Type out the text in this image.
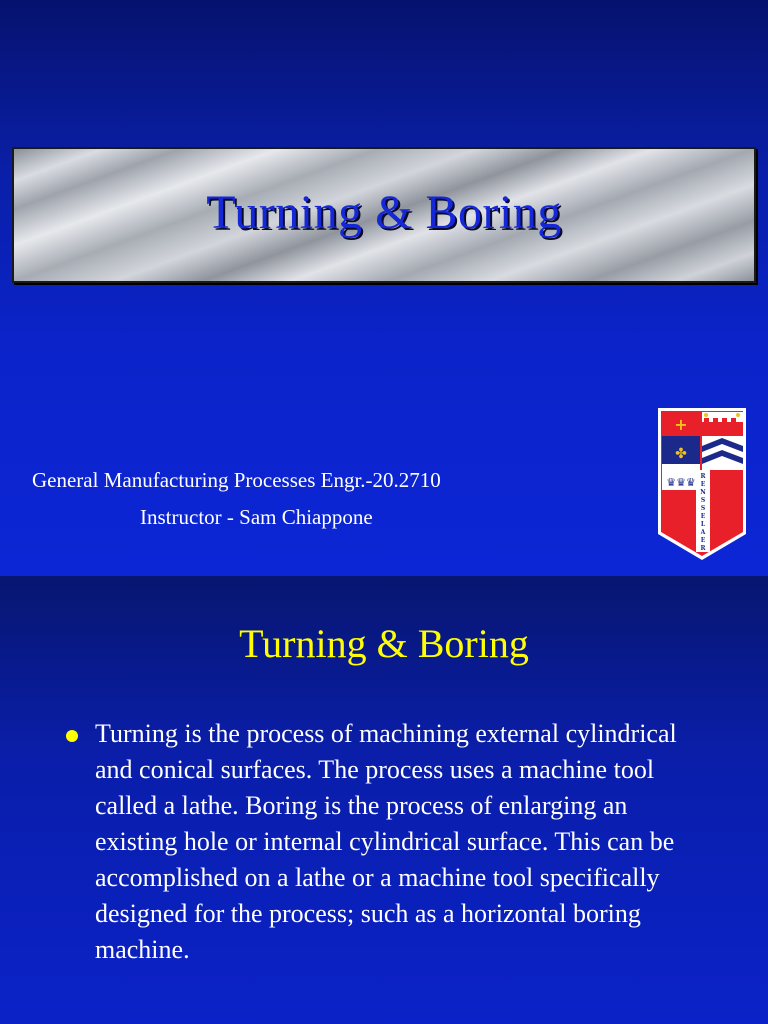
Turning & Boring
General Manufacturing Processes Engr.-20.2710
Instructor - Sam Chiappone
+
✤
♛♛♛ R
E
N
S
S
E
L
A
E
R
Turning & Boring
Turning is the process of machining external cylindrical and conical surfaces. The process uses a machine tool called a lathe. Boring is the process of enlarging an existing hole or internal cylindrical surface. This can be accomplished on a lathe or a machine tool specifically designed for the process; such as a horizontal boring machine.
